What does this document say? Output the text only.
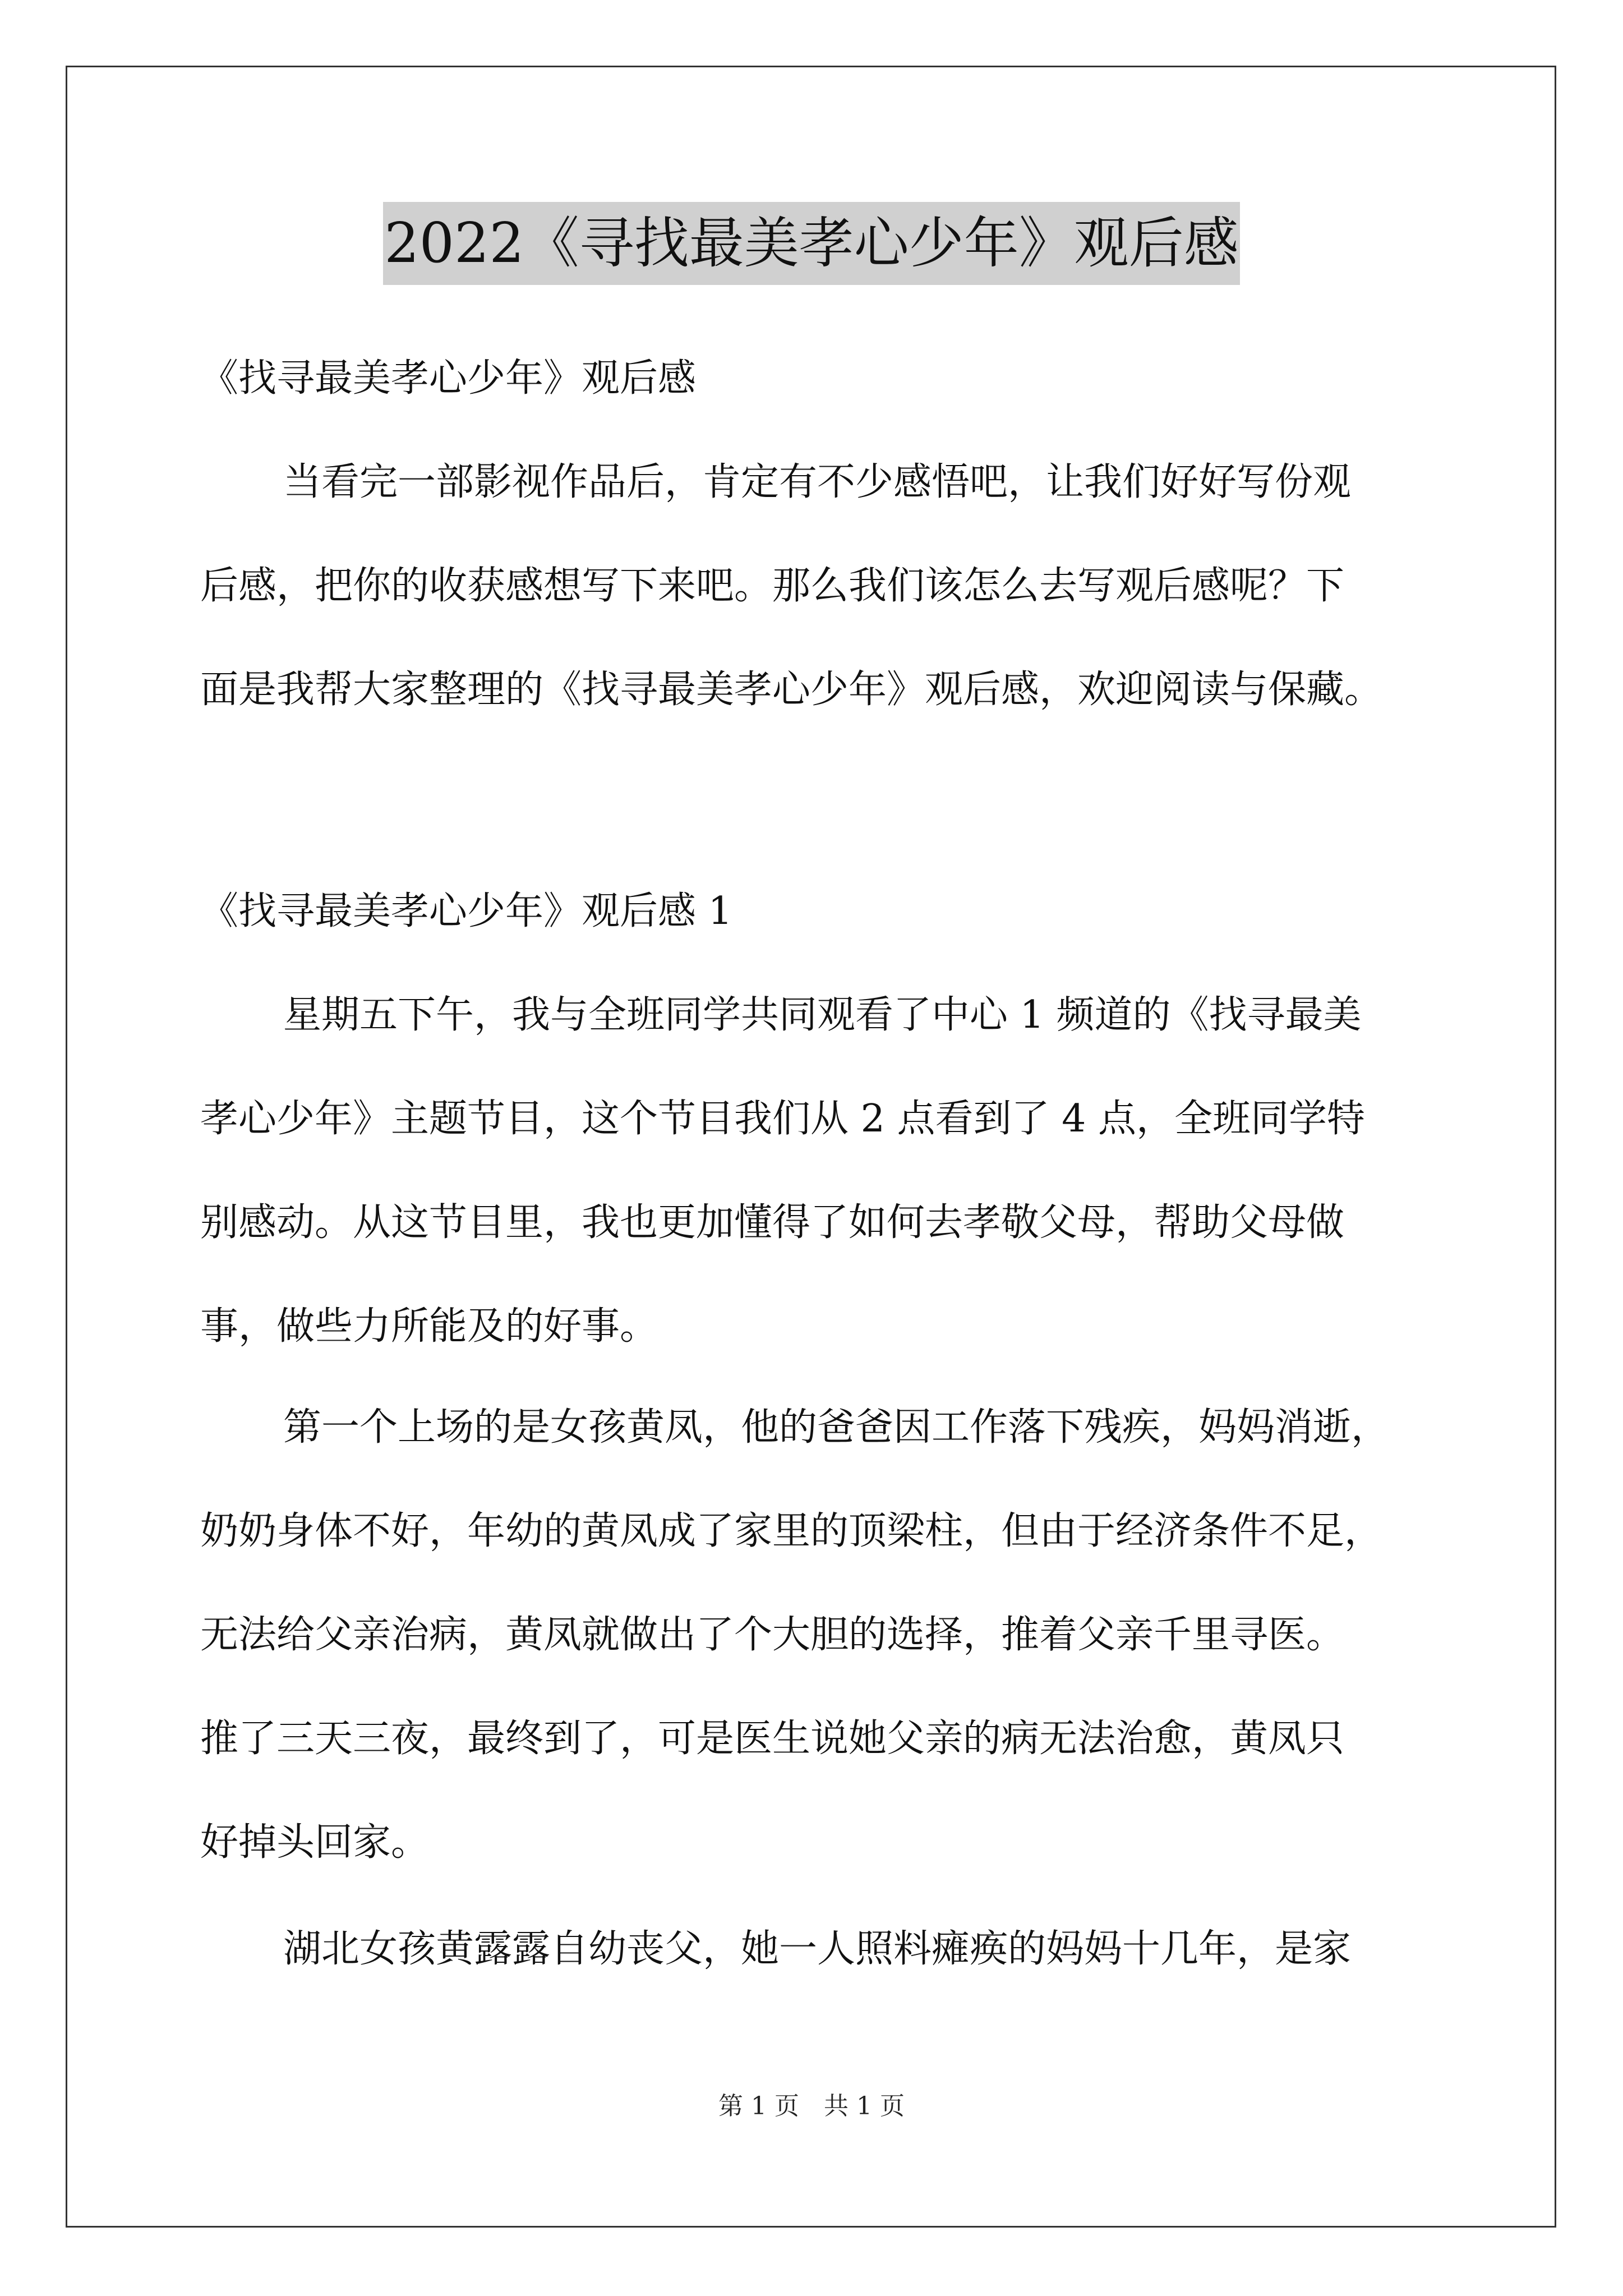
2022《寻找最美孝心少年》观后感
《找寻最美孝心少年》观后感
当看完一部影视作品后，肯定有不少感悟吧，让我们好好写份观
后感，把你的收获感想写下来吧。那么我们该怎么去写观后感呢？下
面是我帮大家整理的《找寻最美孝心少年》观后感，欢迎阅读与保藏。
《找寻最美孝心少年》观后感 1
星期五下午，我与全班同学共同观看了中心 1 频道的《找寻最美
孝心少年》主题节目，这个节目我们从 2 点看到了 4 点，全班同学特
别感动。从这节目里，我也更加懂得了如何去孝敬父母，帮助父母做
事，做些力所能及的好事。
第一个上场的是女孩黄凤，他的爸爸因工作落下残疾，妈妈消逝，
奶奶身体不好，年幼的黄凤成了家里的顶梁柱，但由于经济条件不足，
无法给父亲治病，黄凤就做出了个大胆的选择，推着父亲千里寻医。
推了三天三夜，最终到了，可是医生说她父亲的病无法治愈，黄凤只
好掉头回家。
湖北女孩黄露露自幼丧父，她一人照料瘫痪的妈妈十几年，是家
第 1 页　共 1 页
